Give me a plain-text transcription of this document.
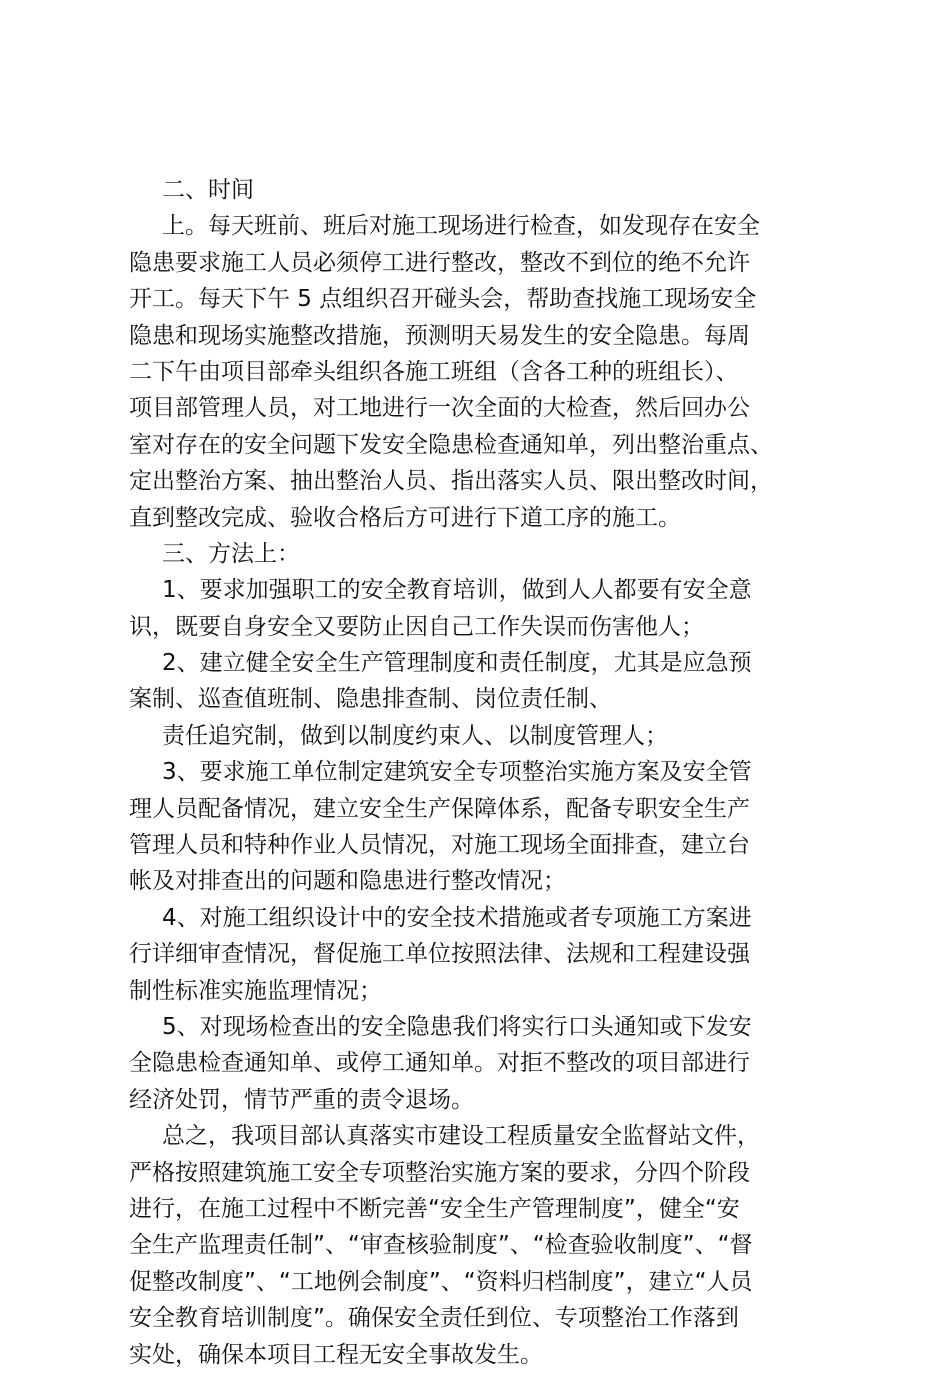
二、时间
上。每天班前、班后对施工现场进行检查，如发现存在安全
隐患要求施工人员必须停工进行整改，整改不到位的绝不允许
开工。每天下午 5 点组织召开碰头会，帮助查找施工现场安全
隐患和现场实施整改措施，预测明天易发生的安全隐患。每周
二下午由项目部牵头组织各施工班组（含各工种的班组长）、
项目部管理人员，对工地进行一次全面的大检查，然后回办公
室对存在的安全问题下发安全隐患检查通知单，列出整治重点、
定出整治方案、抽出整治人员、指出落实人员、限出整改时间，
直到整改完成、验收合格后方可进行下道工序的施工。
三、方法上：
1、要求加强职工的安全教育培训，做到人人都要有安全意
识，既要自身安全又要防止因自己工作失误而伤害他人；
2、建立健全安全生产管理制度和责任制度，尤其是应急预
案制、巡查值班制、隐患排查制、岗位责任制、
责任追究制，做到以制度约束人、以制度管理人；
3、要求施工单位制定建筑安全专项整治实施方案及安全管
理人员配备情况，建立安全生产保障体系，配备专职安全生产
管理人员和特种作业人员情况，对施工现场全面排查，建立台
帐及对排查出的问题和隐患进行整改情况；
4、对施工组织设计中的安全技术措施或者专项施工方案进
行详细审查情况，督促施工单位按照法律、法规和工程建设强
制性标准实施监理情况；
5、对现场检查出的安全隐患我们将实行口头通知或下发安
全隐患检查通知单、或停工通知单。对拒不整改的项目部进行
经济处罚，情节严重的责令退场。
总之，我项目部认真落实市建设工程质量安全监督站文件，
严格按照建筑施工安全专项整治实施方案的要求，分四个阶段
进行，在施工过程中不断完善“安全生产管理制度”，健全“安
全生产监理责任制”、“审查核验制度”、“检查验收制度”、“督
促整改制度”、“工地例会制度”、“资料归档制度”，建立“人员
安全教育培训制度”。确保安全责任到位、专项整治工作落到
实处，确保本项目工程无安全事故发生。
